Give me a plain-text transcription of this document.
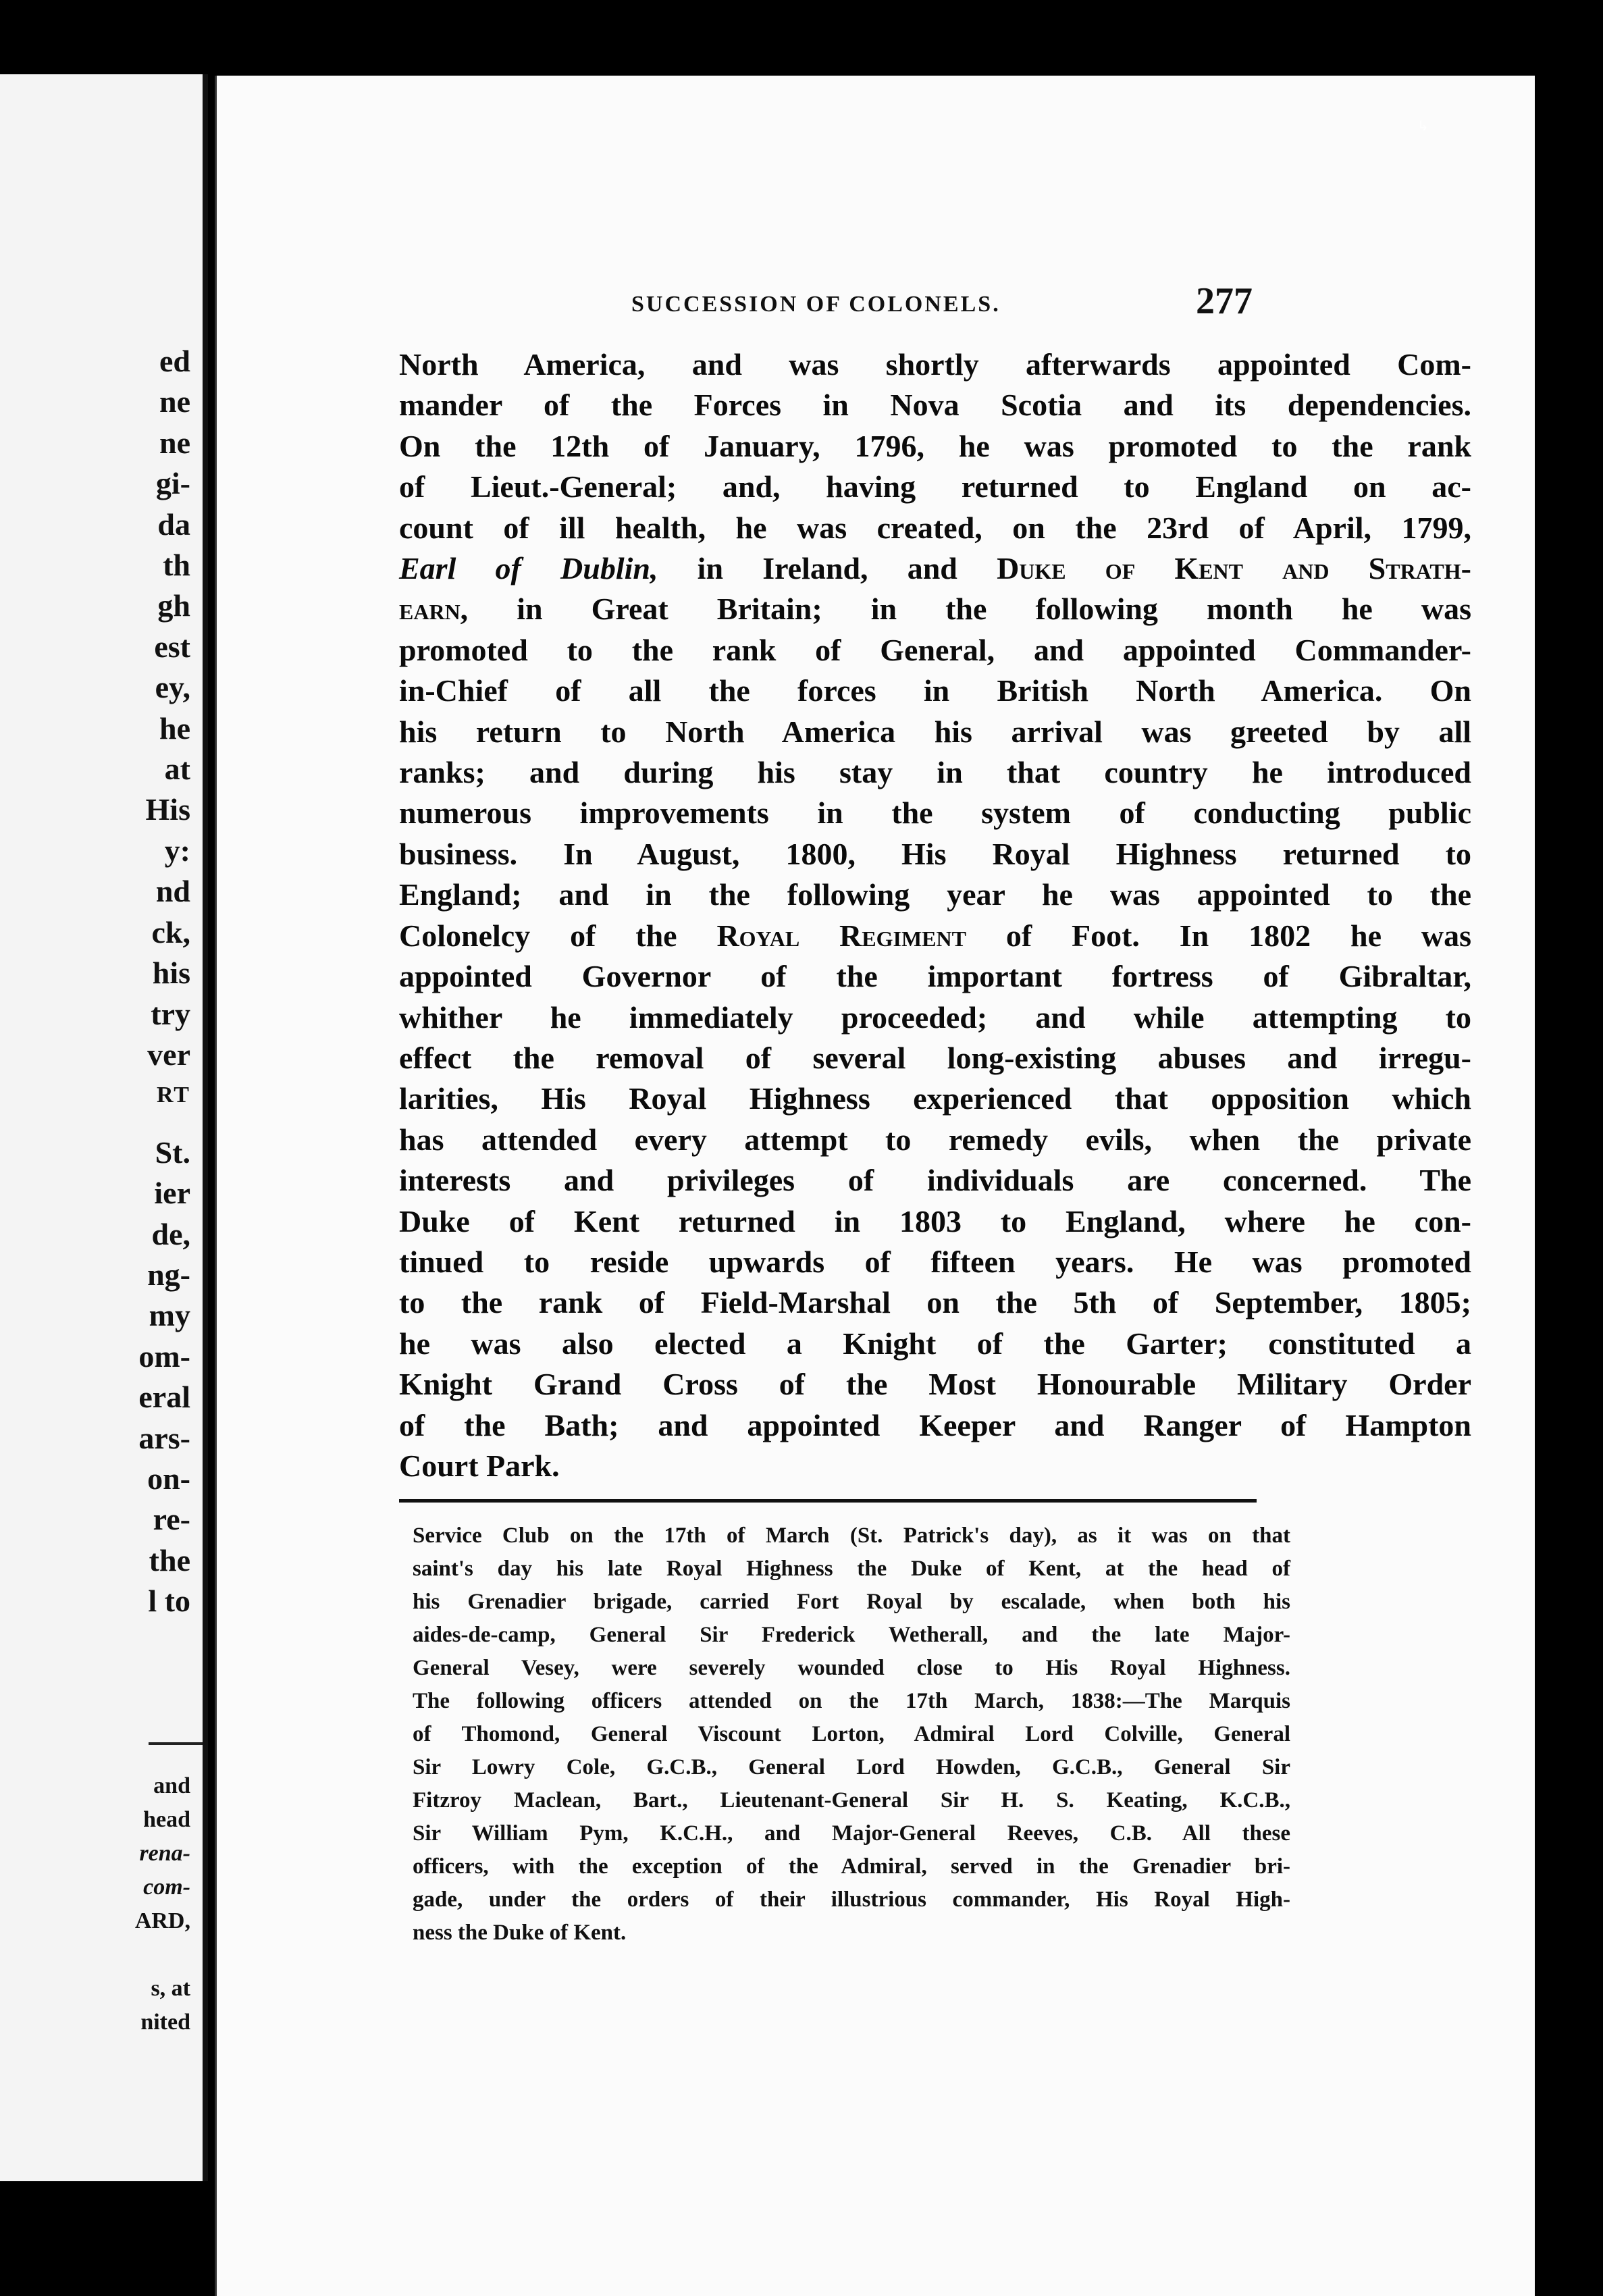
ed
ne
ne
gi-
da
th
gh
est
ey,
he
at
His
y:
nd
ck,
his
try
ver
RT
St.
ier
de,
ng-
my
om-
eral
ars-
on-
re-
the
l to
and
head
rena-
com-
ARD,
s, at
nited
↳
SUCCESSION OF COLONELS.	277
North America, and was shortly afterwards appointed Com-
mander of the Forces in Nova Scotia and its dependencies.
On the 12th of January, 1796, he was promoted to the rank
of Lieut.-General; and, having returned to England on ac-
count of ill health, he was created, on the 23rd of April, 1799,
Earl of Dublin, in Ireland, and Duke of Kent and Strath-
earn, in Great Britain; in the following month he was
promoted to the rank of General, and appointed Commander-
in-Chief of all the forces in British North America. On
his return to North America his arrival was greeted by all
ranks; and during his stay in that country he introduced
numerous improvements in the system of conducting public
business. In August, 1800, His Royal Highness returned to
England; and in the following year he was appointed to the
Colonelcy of the Royal Regiment of Foot. In 1802 he was
appointed Governor of the important fortress of Gibraltar,
whither he immediately proceeded; and while attempting to
effect the removal of several long-existing abuses and irregu-
larities, His Royal Highness experienced that opposition which
has attended every attempt to remedy evils, when the private
interests and privileges of individuals are concerned. The
Duke of Kent returned in 1803 to England, where he con-
tinued to reside upwards of fifteen years. He was promoted
to the rank of Field-Marshal on the 5th of September, 1805;
he was also elected a Knight of the Garter; constituted a
Knight Grand Cross of the Most Honourable Military Order
of the Bath; and appointed Keeper and Ranger of Hampton
Court Park.
Service Club on the 17th of March (St. Patrick's day), as it was on that
saint's day his late Royal Highness the Duke of Kent, at the head of
his Grenadier brigade, carried Fort Royal by escalade, when both his
aides-de-camp, General Sir Frederick Wetherall, and the late Major-
General Vesey, were severely wounded close to His Royal Highness.
The following officers attended on the 17th March, 1838:—The Marquis
of Thomond, General Viscount Lorton, Admiral Lord Colville, General
Sir Lowry Cole, G.C.B., General Lord Howden, G.C.B., General Sir
Fitzroy Maclean, Bart., Lieutenant-General Sir H. S. Keating, K.C.B.,
Sir William Pym, K.C.H., and Major-General Reeves, C.B. All these
officers, with the exception of the Admiral, served in the Grenadier bri-
gade, under the orders of their illustrious commander, His Royal High-
ness the Duke of Kent.
